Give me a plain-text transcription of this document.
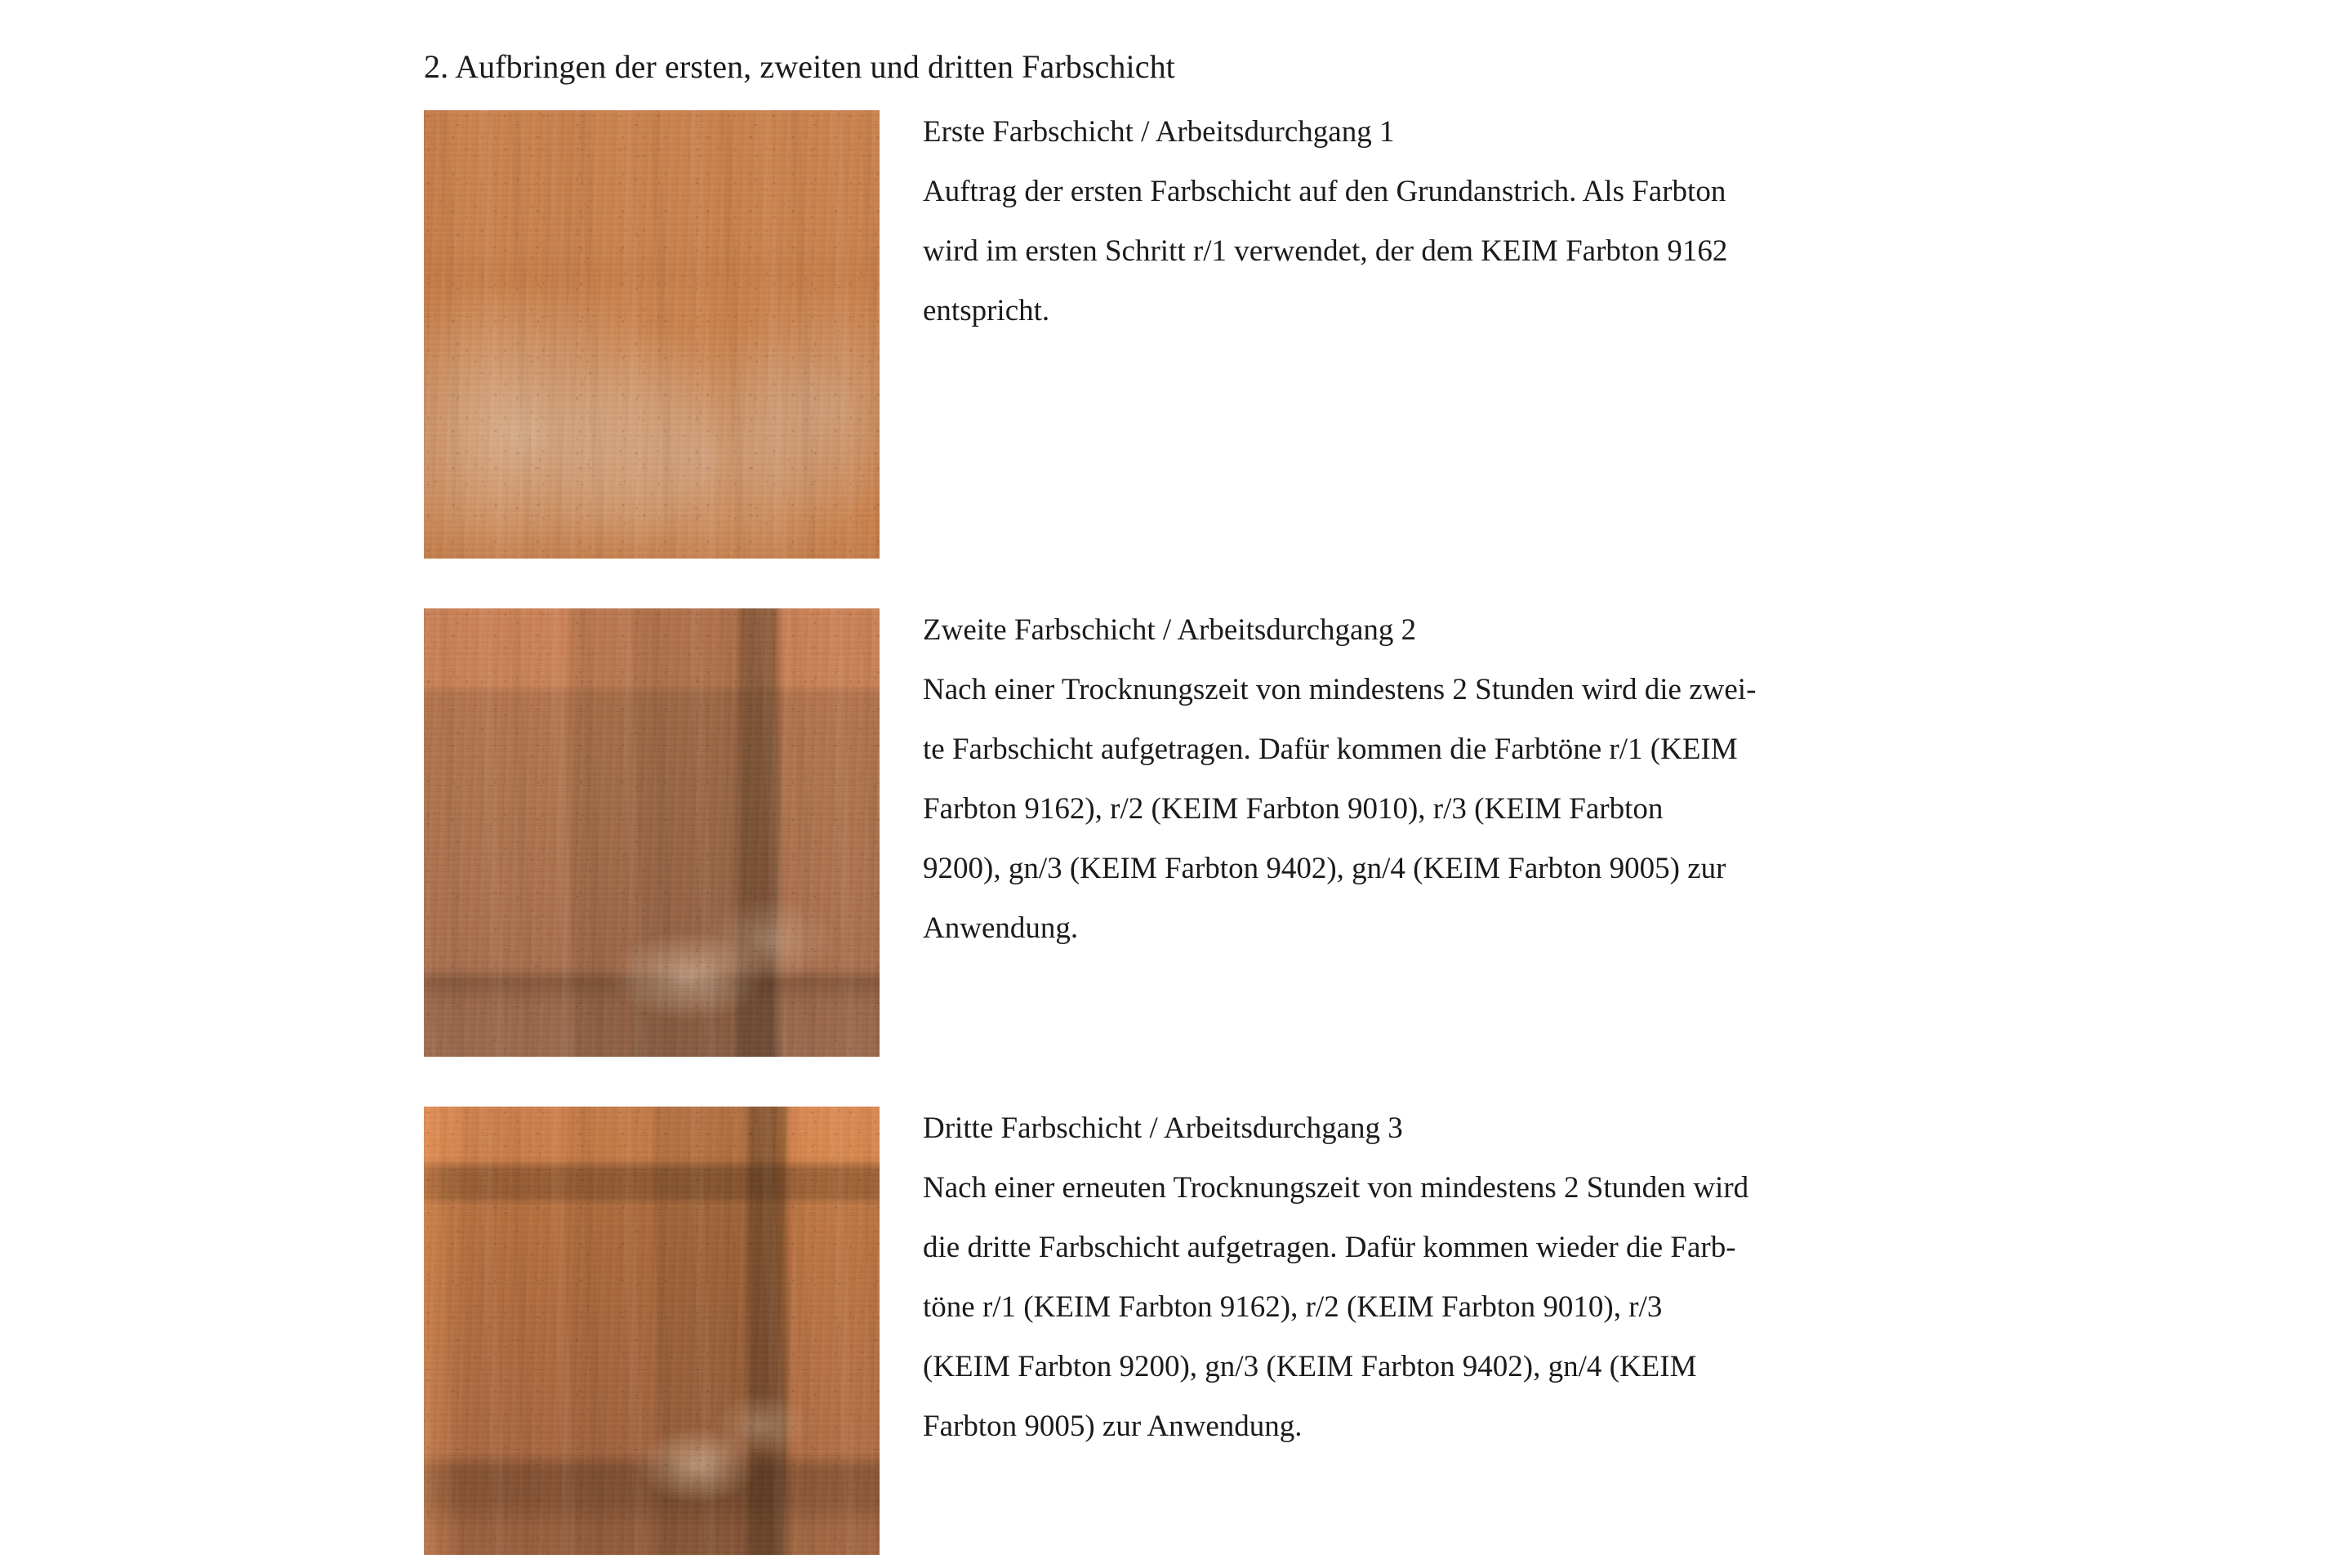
2. Aufbringen der ersten, zweiten und dritten Farbschicht
Erste Farbschicht / Arbeitsdurchgang 1
Auftrag der ersten Farbschicht auf den Grundanstrich. Als Farbton
wird im ersten Schritt r/1 verwendet, der dem KEIM Farbton 9162
entspricht.
Zweite Farbschicht / Arbeitsdurchgang 2
Nach einer Trocknungszeit von mindestens 2 Stunden wird die zwei-
te Farbschicht aufgetragen. Dafür kommen die Farbtöne r/1 (KEIM
Farbton 9162), r/2 (KEIM Farbton 9010), r/3 (KEIM Farbton
9200), gn/3 (KEIM Farbton 9402), gn/4 (KEIM Farbton 9005) zur
Anwendung.
Dritte Farbschicht / Arbeitsdurchgang 3
Nach einer erneuten Trocknungszeit von mindestens 2 Stunden wird
die dritte Farbschicht aufgetragen. Dafür kommen wieder die Farb-
töne r/1 (KEIM Farbton 9162), r/2 (KEIM Farbton 9010), r/3
(KEIM Farbton 9200), gn/3 (KEIM Farbton 9402), gn/4 (KEIM
Farbton 9005) zur Anwendung.
